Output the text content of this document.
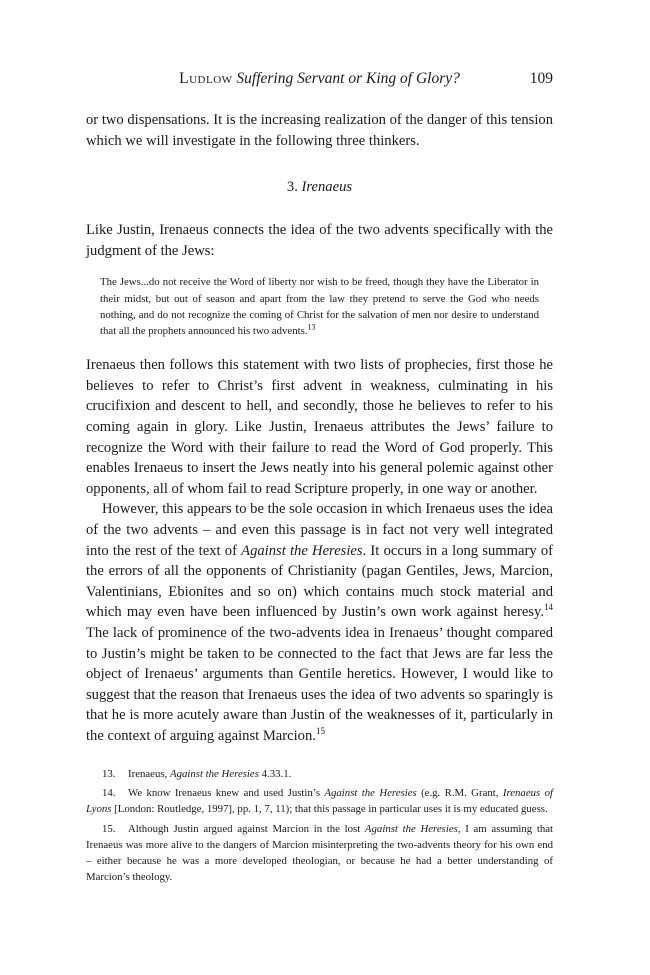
Ludlow Suffering Servant or King of Glory?	109

or two dispensations. It is the increasing realization of the danger of this tension which we will investigate in the following three thinkers.

3. Irenaeus

Like Justin, Irenaeus connects the idea of the two advents specifically with the judgment of the Jews:

The Jews...do not receive the Word of liberty nor wish to be freed, though they have the Liberator in their midst, but out of season and apart from the law they pretend to serve the God who needs nothing, and do not recognize the coming of Christ for the salvation of men nor desire to understand that all the prophets announced his two advents.$^{13}$

Irenaeus then follows this statement with two lists of prophecies, first those he believes to refer to Christ’s first advent in weakness, culminating in his crucifixion and descent to hell, and secondly, those he believes to refer to his coming again in glory. Like Justin, Irenaeus attributes the Jews’ failure to recognize the Word with their failure to read the Word of God properly. This enables Irenaeus to insert the Jews neatly into his general polemic against other opponents, all of whom fail to read Scripture properly, in one way or another.

However, this appears to be the sole occasion in which Irenaeus uses the idea of the two advents – and even this passage is in fact not very well integrated into the rest of the text of Against the Heresies. It occurs in a long summary of the errors of all the opponents of Christianity (pagan Gentiles, Jews, Marcion, Valentinians, Ebionites and so on) which contains much stock material and which may even have been influenced by Justin’s own work against heresy.$^{14}$ The lack of prominence of the two-advents idea in Irenaeus’ thought compared to Justin’s might be taken to be connected to the fact that Jews are far less the object of Irenaeus’ arguments than Gentile heretics. However, I would like to suggest that the reason that Irenaeus uses the idea of two advents so sparingly is that he is more acutely aware than Justin of the weaknesses of it, particularly in the context of arguing against Marcion.$^{15}$

13. Irenaeus, Against the Heresies 4.33.1.

14. We know Irenaeus knew and used Justin’s Against the Heresies (e.g. R.M. Grant, Irenaeus of Lyons [London: Routledge, 1997], pp. 1, 7, 11); that this passage in particular uses it is my educated guess.

15. Although Justin argued against Marcion in the lost Against the Heresies, I am assuming that Irenaeus was more alive to the dangers of Marcion misinterpreting the two-advents theory for his own end – either because he was a more developed theologian, or because he had a better understanding of Marcion’s theology.
